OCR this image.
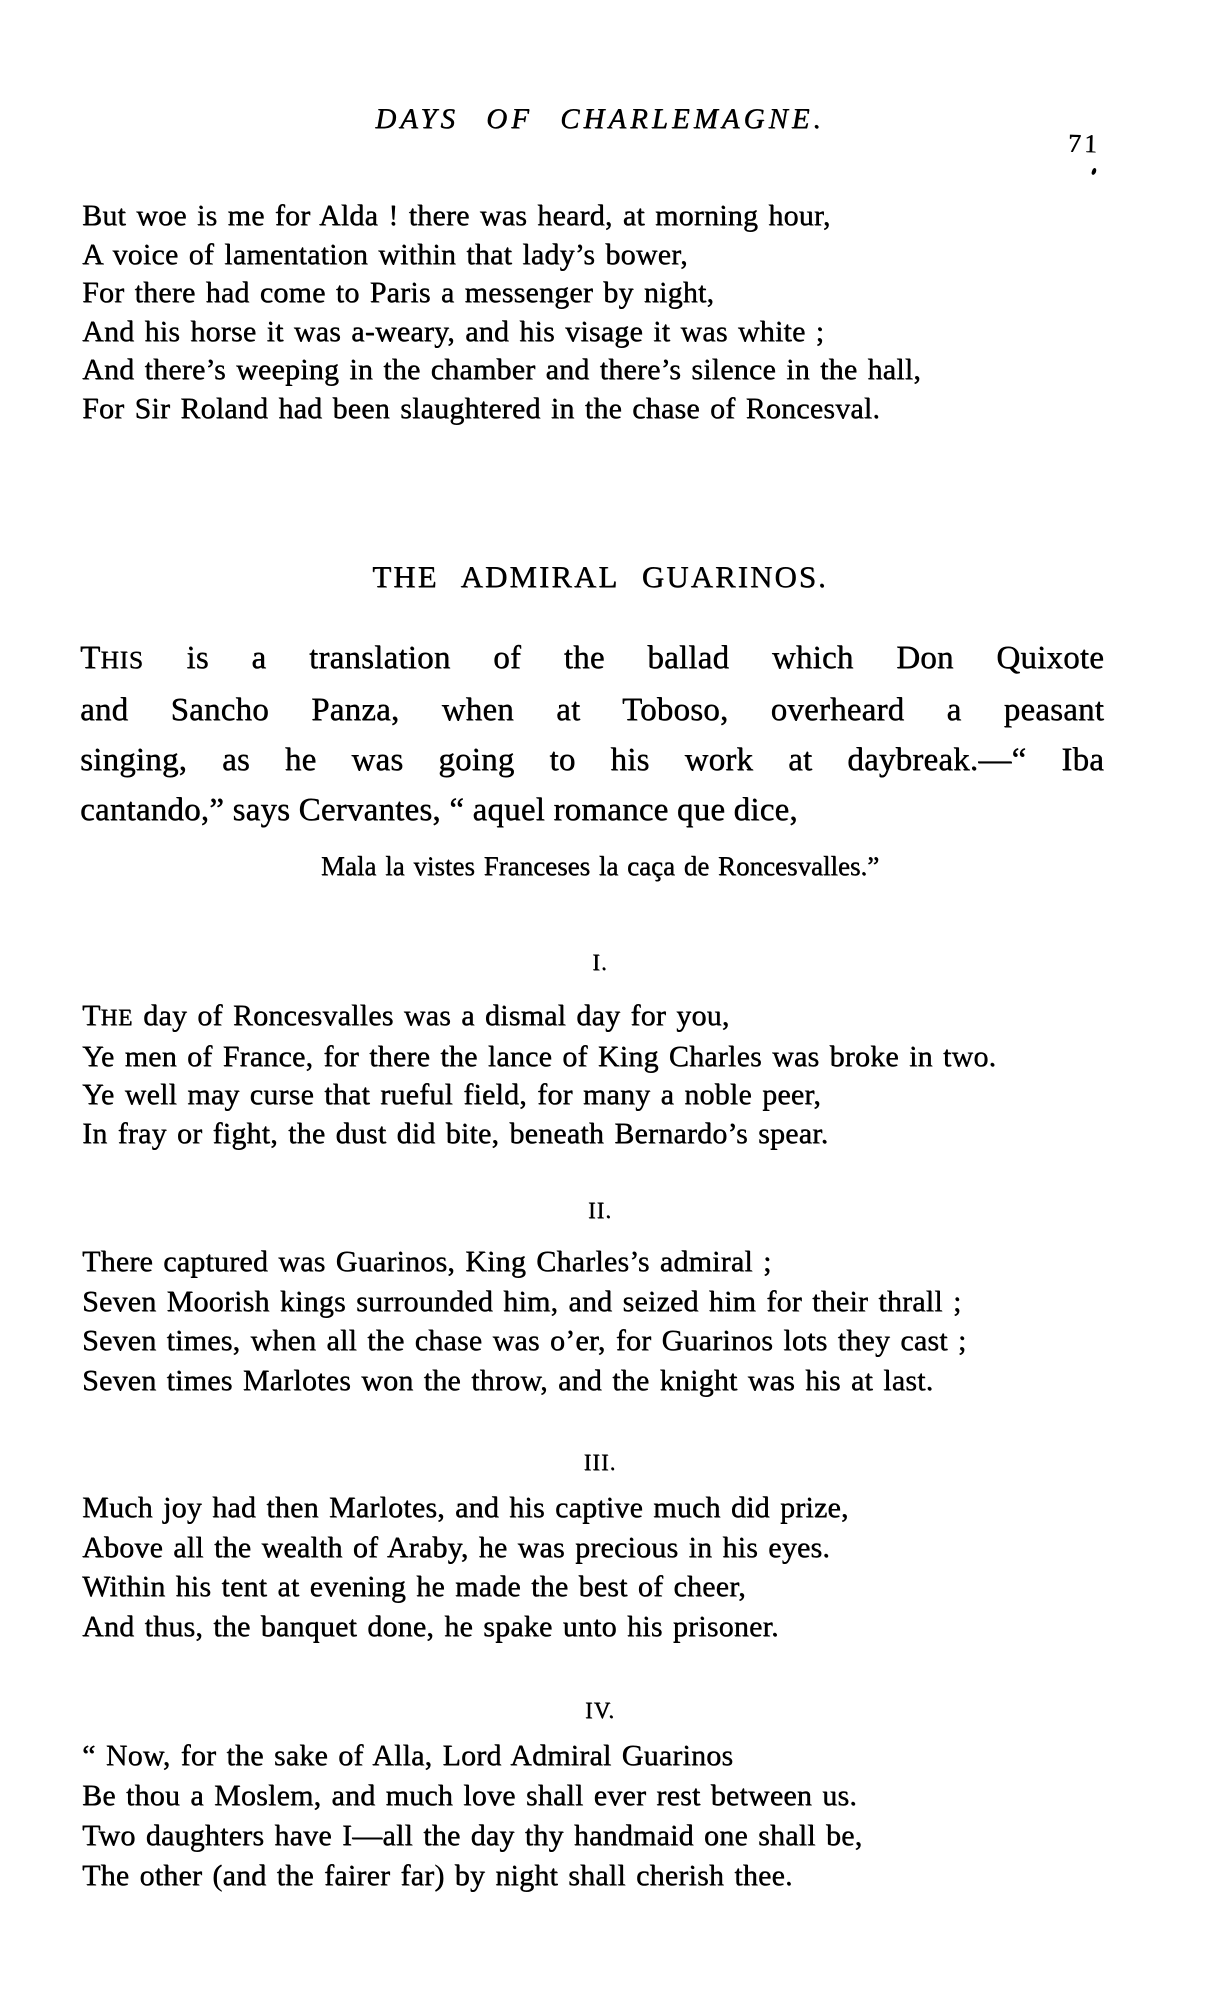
DAYS OF CHARLEMAGNE.
71
But woe is me for Alda ! there was heard, at morning hour,
A voice of lamentation within that lady’s bower,
For there had come to Paris a messenger by night,
And his horse it was a-weary, and his visage it was white ;
And there’s weeping in the chamber and there’s silence in the hall,
For Sir Roland had been slaughtered in the chase of Roncesval.
THE ADMIRAL GUARINOS.
THIS is a translation of the ballad which Don Quixote
and Sancho Panza, when at Toboso, overheard a peasant
singing, as he was going to his work at daybreak.—“ Iba
cantando,” says Cervantes, “ aquel romance que dice,
Mala la vistes Franceses la caça de Roncesvalles.”
I.
THE day of Roncesvalles was a dismal day for you,
Ye men of France, for there the lance of King Charles was broke in two.
Ye well may curse that rueful field, for many a noble peer,
In fray or fight, the dust did bite, beneath Bernardo’s spear.
II.
There captured was Guarinos, King Charles’s admiral ;
Seven Moorish kings surrounded him, and seized him for their thrall ;
Seven times, when all the chase was o’er, for Guarinos lots they cast ;
Seven times Marlotes won the throw, and the knight was his at last.
III.
Much joy had then Marlotes, and his captive much did prize,
Above all the wealth of Araby, he was precious in his eyes.
Within his tent at evening he made the best of cheer,
And thus, the banquet done, he spake unto his prisoner.
IV.
“ Now, for the sake of Alla, Lord Admiral Guarinos
Be thou a Moslem, and much love shall ever rest between us.
Two daughters have I—all the day thy handmaid one shall be,
The other (and the fairer far) by night shall cherish thee.
